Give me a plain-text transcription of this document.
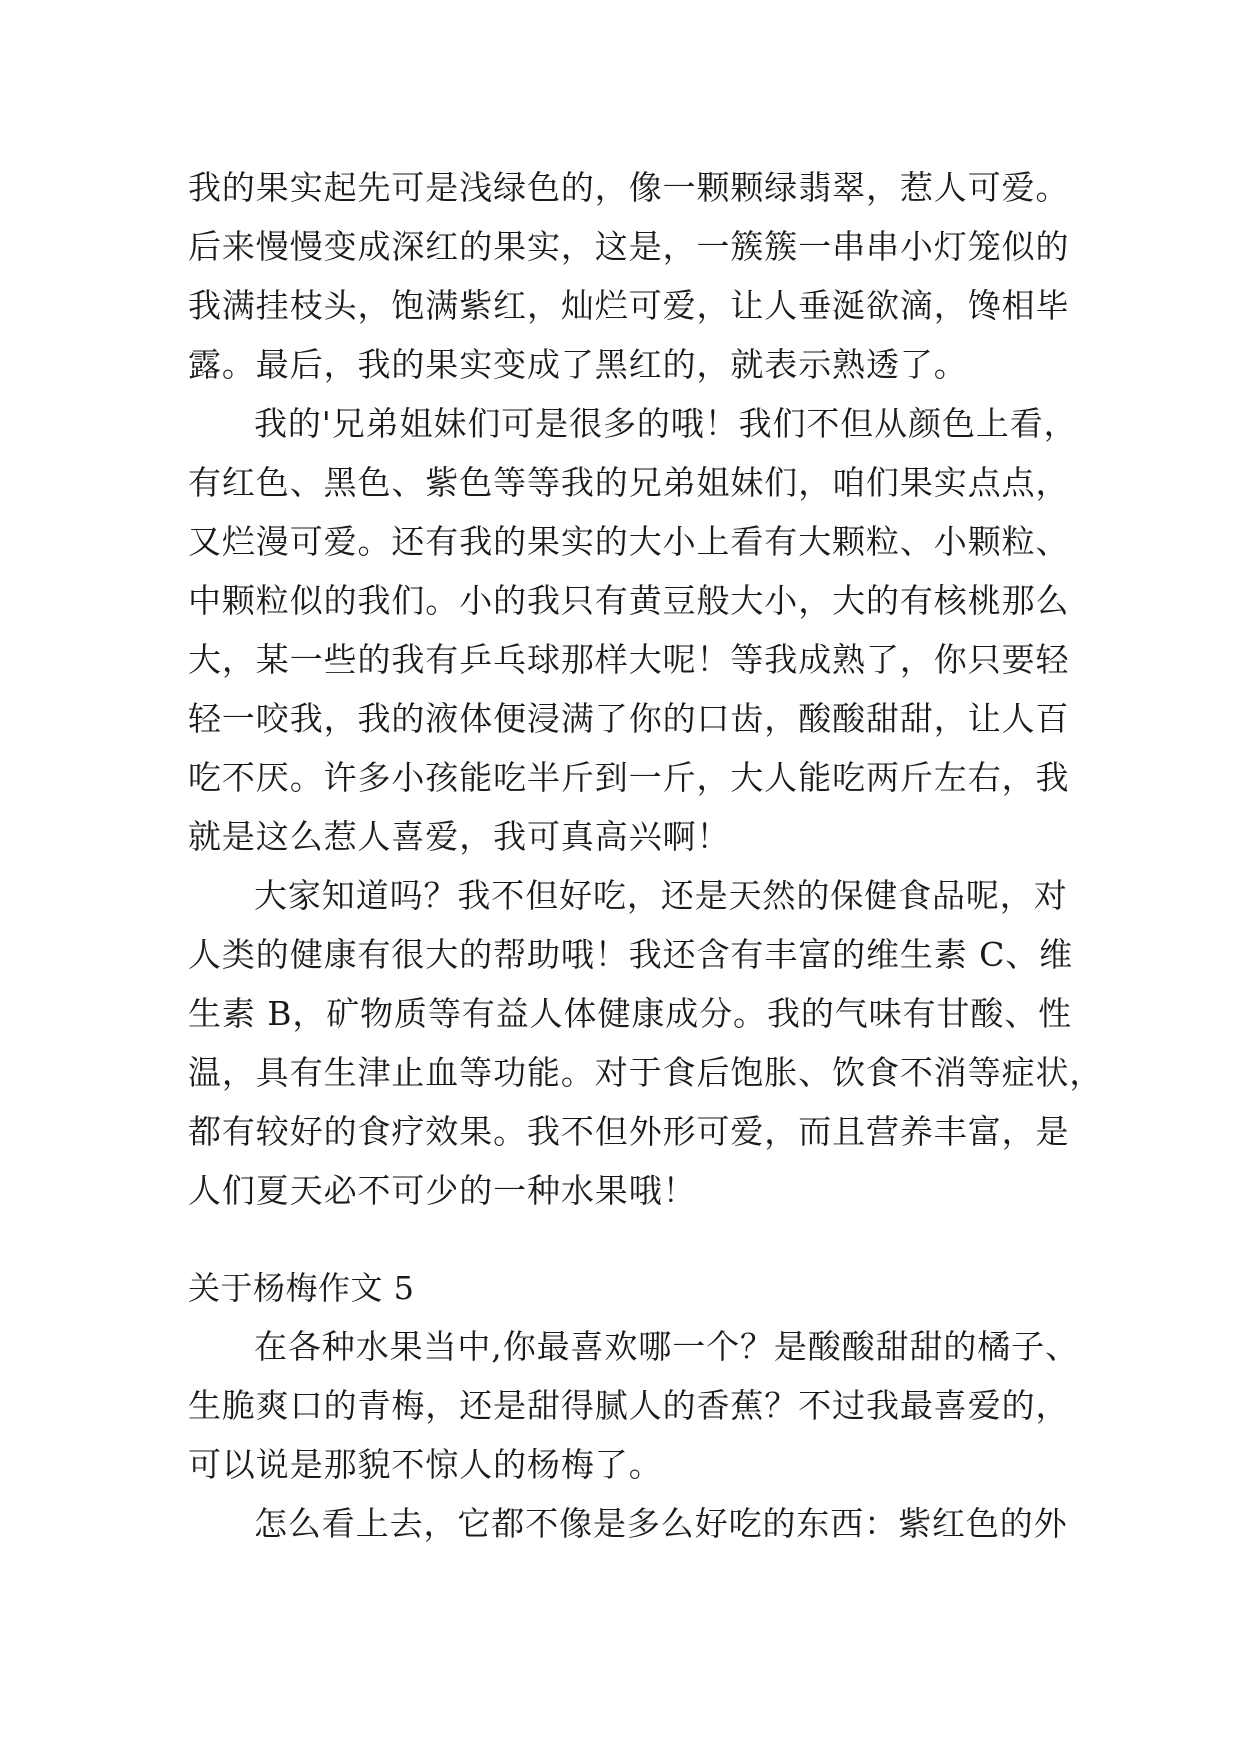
我的果实起先可是浅绿色的，像一颗颗绿翡翠，惹人可爱。
后来慢慢变成深红的果实，这是，一簇簇一串串小灯笼似的
我满挂枝头，饱满紫红，灿烂可爱，让人垂涎欲滴，馋相毕
露。最后，我的果实变成了黑红的，就表示熟透了。
我的'兄弟姐妹们可是很多的哦！我们不但从颜色上看，
有红色、黑色、紫色等等我的兄弟姐妹们，咱们果实点点，
又烂漫可爱。还有我的果实的大小上看有大颗粒、小颗粒、
中颗粒似的我们。小的我只有黄豆般大小，大的有核桃那么
大，某一些的我有乒乓球那样大呢！等我成熟了，你只要轻
轻一咬我，我的液体便浸满了你的口齿，酸酸甜甜，让人百
吃不厌。许多小孩能吃半斤到一斤，大人能吃两斤左右，我
就是这么惹人喜爱，我可真高兴啊！
大家知道吗？我不但好吃，还是天然的保健食品呢，对
人类的健康有很大的帮助哦！我还含有丰富的维生素 C、维
生素 B，矿物质等有益人体健康成分。我的气味有甘酸、性
温，具有生津止血等功能。对于食后饱胀、饮食不消等症状，
都有较好的食疗效果。我不但外形可爱，而且营养丰富，是
人们夏天必不可少的一种水果哦！
关于杨梅作文 5
在各种水果当中,你最喜欢哪一个？是酸酸甜甜的橘子、
生脆爽口的青梅，还是甜得腻人的香蕉？不过我最喜爱的，
可以说是那貌不惊人的杨梅了。
怎么看上去，它都不像是多么好吃的东西：紫红色的外
